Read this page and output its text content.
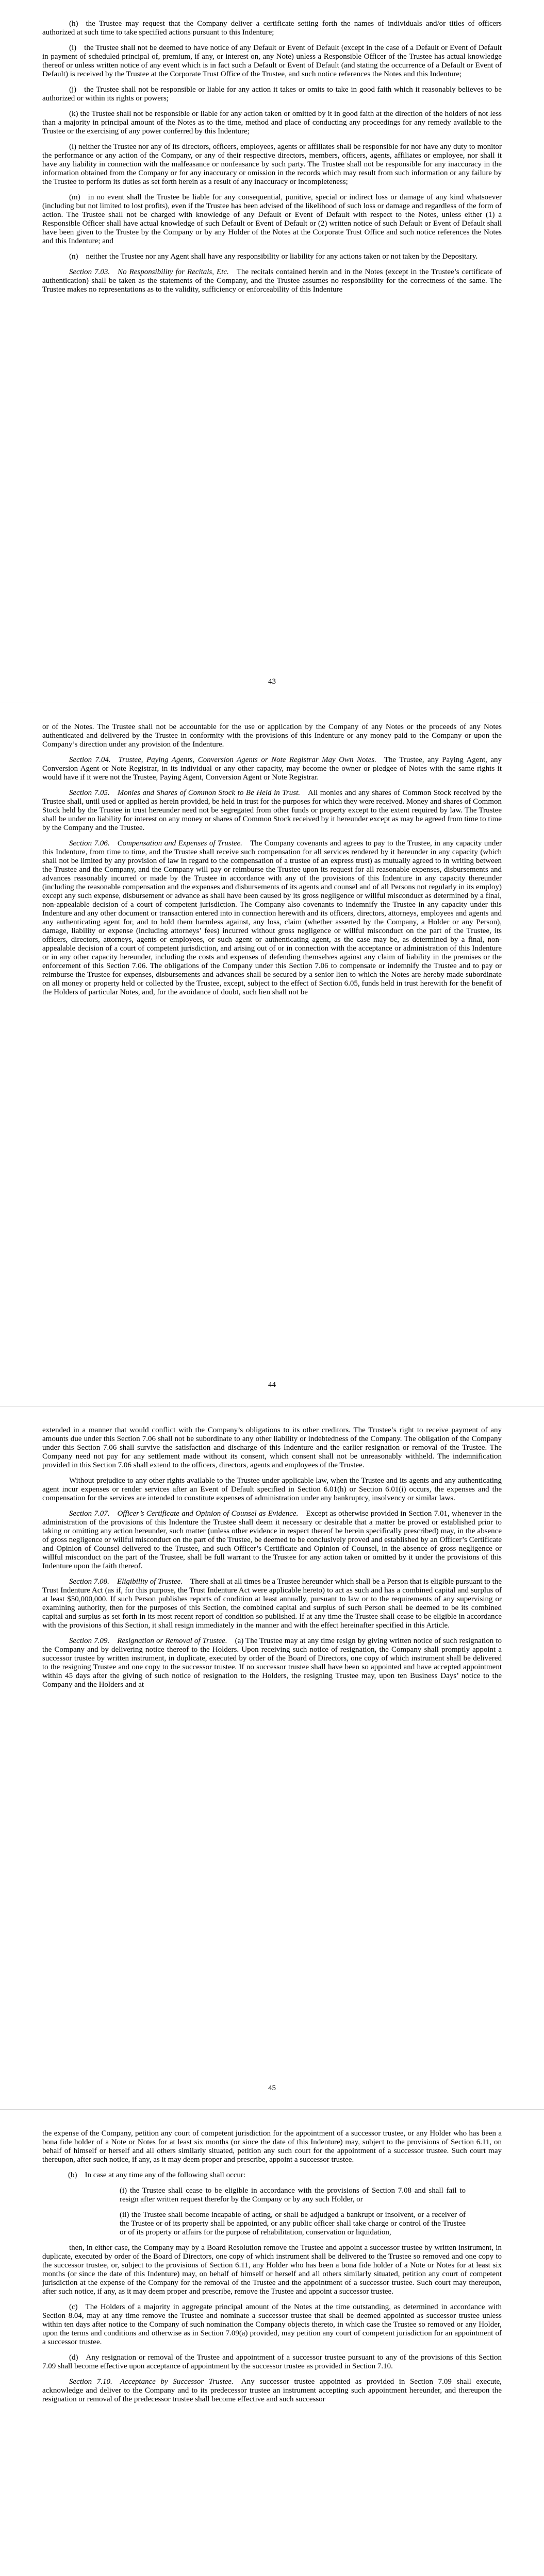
(h) the Trustee may request that the Company deliver a certificate setting forth the names of individuals and/or titles of officers authorized at such time to take specified actions pursuant to this Indenture;

(i) the Trustee shall not be deemed to have notice of any Default or Event of Default (except in the case of a Default or Event of Default in payment of scheduled principal of, premium, if any, or interest on, any Note) unless a Responsible Officer of the Trustee has actual knowledge thereof or unless written notice of any event which is in fact such a Default or Event of Default (and stating the occurrence of a Default or Event of Default) is received by the Trustee at the Corporate Trust Office of the Trustee, and such notice references the Notes and this Indenture;

(j) the Trustee shall not be responsible or liable for any action it takes or omits to take in good faith which it reasonably believes to be authorized or within its rights or powers;

(k) the Trustee shall not be responsible or liable for any action taken or omitted by it in good faith at the direction of the holders of not less than a majority in principal amount of the Notes as to the time, method and place of conducting any proceedings for any remedy available to the Trustee or the exercising of any power conferred by this Indenture;

(l) neither the Trustee nor any of its directors, officers, employees, agents or affiliates shall be responsible for nor have any duty to monitor the performance or any action of the Company, or any of their respective directors, members, officers, agents, affiliates or employee, nor shall it have any liability in connection with the malfeasance or nonfeasance by such party. The Trustee shall not be responsible for any inaccuracy in the information obtained from the Company or for any inaccuracy or omission in the records which may result from such information or any failure by the Trustee to perform its duties as set forth herein as a result of any inaccuracy or incompleteness;

(m) in no event shall the Trustee be liable for any consequential, punitive, special or indirect loss or damage of any kind whatsoever (including but not limited to lost profits), even if the Trustee has been advised of the likelihood of such loss or damage and regardless of the form of action. The Trustee shall not be charged with knowledge of any Default or Event of Default with respect to the Notes, unless either (1) a Responsible Officer shall have actual knowledge of such Default or Event of Default or (2) written notice of such Default or Event of Default shall have been given to the Trustee by the Company or by any Holder of the Notes at the Corporate Trust Office and such notice references the Notes and this Indenture; and

(n) neither the Trustee nor any Agent shall have any responsibility or liability for any actions taken or not taken by the Depositary.

Section 7.03. No Responsibility for Recitals, Etc. The recitals contained herein and in the Notes (except in the Trustee’s certificate of authentication) shall be taken as the statements of the Company, and the Trustee assumes no responsibility for the correctness of the same. The Trustee makes no representations as to the validity, sufficiency or enforceability of this Indenture

43

or of the Notes. The Trustee shall not be accountable for the use or application by the Company of any Notes or the proceeds of any Notes authenticated and delivered by the Trustee in conformity with the provisions of this Indenture or any money paid to the Company or upon the Company’s direction under any provision of the Indenture.

Section 7.04. Trustee, Paying Agents, Conversion Agents or Note Registrar May Own Notes. The Trustee, any Paying Agent, any Conversion Agent or Note Registrar, in its individual or any other capacity, may become the owner or pledgee of Notes with the same rights it would have if it were not the Trustee, Paying Agent, Conversion Agent or Note Registrar.

Section 7.05. Monies and Shares of Common Stock to Be Held in Trust. All monies and any shares of Common Stock received by the Trustee shall, until used or applied as herein provided, be held in trust for the purposes for which they were received. Money and shares of Common Stock held by the Trustee in trust hereunder need not be segregated from other funds or property except to the extent required by law. The Trustee shall be under no liability for interest on any money or shares of Common Stock received by it hereunder except as may be agreed from time to time by the Company and the Trustee.

Section 7.06. Compensation and Expenses of Trustee. The Company covenants and agrees to pay to the Trustee, in any capacity under this Indenture, from time to time, and the Trustee shall receive such compensation for all services rendered by it hereunder in any capacity (which shall not be limited by any provision of law in regard to the compensation of a trustee of an express trust) as mutually agreed to in writing between the Trustee and the Company, and the Company will pay or reimburse the Trustee upon its request for all reasonable expenses, disbursements and advances reasonably incurred or made by the Trustee in accordance with any of the provisions of this Indenture in any capacity thereunder (including the reasonable compensation and the expenses and disbursements of its agents and counsel and of all Persons not regularly in its employ) except any such expense, disbursement or advance as shall have been caused by its gross negligence or willful misconduct as determined by a final, non-appealable decision of a court of competent jurisdiction. The Company also covenants to indemnify the Trustee in any capacity under this Indenture and any other document or transaction entered into in connection herewith and its officers, directors, attorneys, employees and agents and any authenticating agent for, and to hold them harmless against, any loss, claim (whether asserted by the Company, a Holder or any Person), damage, liability or expense (including attorneys’ fees) incurred without gross negligence or willful misconduct on the part of the Trustee, its officers, directors, attorneys, agents or employees, or such agent or authenticating agent, as the case may be, as determined by a final, non-appealable decision of a court of competent jurisdiction, and arising out of or in connection with the acceptance or administration of this Indenture or in any other capacity hereunder, including the costs and expenses of defending themselves against any claim of liability in the premises or the enforcement of this Section 7.06. The obligations of the Company under this Section 7.06 to compensate or indemnify the Trustee and to pay or reimburse the Trustee for expenses, disbursements and advances shall be secured by a senior lien to which the Notes are hereby made subordinate on all money or property held or collected by the Trustee, except, subject to the effect of Section 6.05, funds held in trust herewith for the benefit of the Holders of particular Notes, and, for the avoidance of doubt, such lien shall not be

44

extended in a manner that would conflict with the Company’s obligations to its other creditors. The Trustee’s right to receive payment of any amounts due under this Section 7.06 shall not be subordinate to any other liability or indebtedness of the Company. The obligation of the Company under this Section 7.06 shall survive the satisfaction and discharge of this Indenture and the earlier resignation or removal of the Trustee. The Company need not pay for any settlement made without its consent, which consent shall not be unreasonably withheld. The indemnification provided in this Section 7.06 shall extend to the officers, directors, agents and employees of the Trustee.

Without prejudice to any other rights available to the Trustee under applicable law, when the Trustee and its agents and any authenticating agent incur expenses or render services after an Event of Default specified in Section 6.01(h) or Section 6.01(i) occurs, the expenses and the compensation for the services are intended to constitute expenses of administration under any bankruptcy, insolvency or similar laws.

Section 7.07. Officer’s Certificate and Opinion of Counsel as Evidence. Except as otherwise provided in Section 7.01, whenever in the administration of the provisions of this Indenture the Trustee shall deem it necessary or desirable that a matter be proved or established prior to taking or omitting any action hereunder, such matter (unless other evidence in respect thereof be herein specifically prescribed) may, in the absence of gross negligence or willful misconduct on the part of the Trustee, be deemed to be conclusively proved and established by an Officer’s Certificate and Opinion of Counsel delivered to the Trustee, and such Officer’s Certificate and Opinion of Counsel, in the absence of gross negligence or willful misconduct on the part of the Trustee, shall be full warrant to the Trustee for any action taken or omitted by it under the provisions of this Indenture upon the faith thereof.

Section 7.08. Eligibility of Trustee. There shall at all times be a Trustee hereunder which shall be a Person that is eligible pursuant to the Trust Indenture Act (as if, for this purpose, the Trust Indenture Act were applicable hereto) to act as such and has a combined capital and surplus of at least $50,000,000. If such Person publishes reports of condition at least annually, pursuant to law or to the requirements of any supervising or examining authority, then for the purposes of this Section, the combined capital and surplus of such Person shall be deemed to be its combined capital and surplus as set forth in its most recent report of condition so published. If at any time the Trustee shall cease to be eligible in accordance with the provisions of this Section, it shall resign immediately in the manner and with the effect hereinafter specified in this Article.

Section 7.09. Resignation or Removal of Trustee. (a) The Trustee may at any time resign by giving written notice of such resignation to the Company and by delivering notice thereof to the Holders. Upon receiving such notice of resignation, the Company shall promptly appoint a successor trustee by written instrument, in duplicate, executed by order of the Board of Directors, one copy of which instrument shall be delivered to the resigning Trustee and one copy to the successor trustee. If no successor trustee shall have been so appointed and have accepted appointment within 45 days after the giving of such notice of resignation to the Holders, the resigning Trustee may, upon ten Business Days’ notice to the Company and the Holders and at

45

the expense of the Company, petition any court of competent jurisdiction for the appointment of a successor trustee, or any Holder who has been a bona fide holder of a Note or Notes for at least six months (or since the date of this Indenture) may, subject to the provisions of Section 6.11, on behalf of himself or herself and all others similarly situated, petition any such court for the appointment of a successor trustee. Such court may thereupon, after such notice, if any, as it may deem proper and prescribe, appoint a successor trustee.

(b) In case at any time any of the following shall occur:

(i) the Trustee shall cease to be eligible in accordance with the provisions of Section 7.08 and shall fail to resign after written request therefor by the Company or by any such Holder, or

(ii) the Trustee shall become incapable of acting, or shall be adjudged a bankrupt or insolvent, or a receiver of the Trustee or of its property shall be appointed, or any public officer shall take charge or control of the Trustee or of its property or affairs for the purpose of rehabilitation, conservation or liquidation,

then, in either case, the Company may by a Board Resolution remove the Trustee and appoint a successor trustee by written instrument, in duplicate, executed by order of the Board of Directors, one copy of which instrument shall be delivered to the Trustee so removed and one copy to the successor trustee, or, subject to the provisions of Section 6.11, any Holder who has been a bona fide holder of a Note or Notes for at least six months (or since the date of this Indenture) may, on behalf of himself or herself and all others similarly situated, petition any court of competent jurisdiction at the expense of the Company for the removal of the Trustee and the appointment of a successor trustee. Such court may thereupon, after such notice, if any, as it may deem proper and prescribe, remove the Trustee and appoint a successor trustee.

(c) The Holders of a majority in aggregate principal amount of the Notes at the time outstanding, as determined in accordance with Section 8.04, may at any time remove the Trustee and nominate a successor trustee that shall be deemed appointed as successor trustee unless within ten days after notice to the Company of such nomination the Company objects thereto, in which case the Trustee so removed or any Holder, upon the terms and conditions and otherwise as in Section 7.09(a) provided, may petition any court of competent jurisdiction for an appointment of a successor trustee.

(d) Any resignation or removal of the Trustee and appointment of a successor trustee pursuant to any of the provisions of this Section 7.09 shall become effective upon acceptance of appointment by the successor trustee as provided in Section 7.10.

Section 7.10. Acceptance by Successor Trustee. Any successor trustee appointed as provided in Section 7.09 shall execute, acknowledge and deliver to the Company and to its predecessor trustee an instrument accepting such appointment hereunder, and thereupon the resignation or removal of the predecessor trustee shall become effective and such successor
